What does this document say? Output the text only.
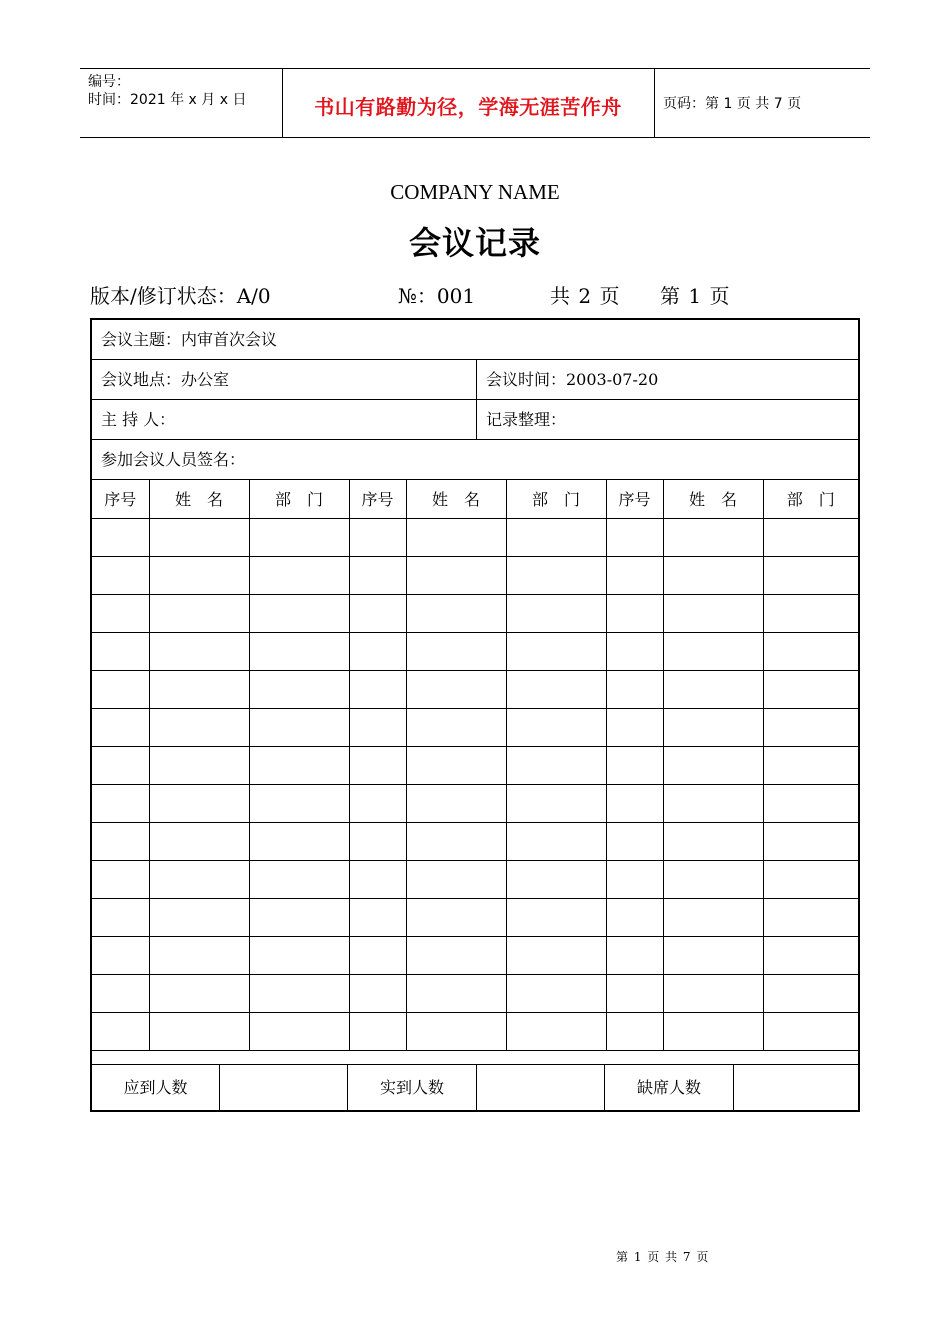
编号：
时间：2021 年 x 月 x 日	书山有路勤为径，学海无涯苦作舟	页码：第 1 页 共 7 页
COMPANY NAME
会议记录
版本/修订状态：A/0	№：001	共 2 页 第 1 页
会议主题：内审首次会议
会议地点：办公室	会议时间：2003-07-20
主 持 人：	记录整理：
参加会议人员签名：
序号	姓　名	部　门	序号	姓　名	部　门	序号	姓　名	部　门

应到人数	实到人数	缺席人数
第 1 页 共 7 页
